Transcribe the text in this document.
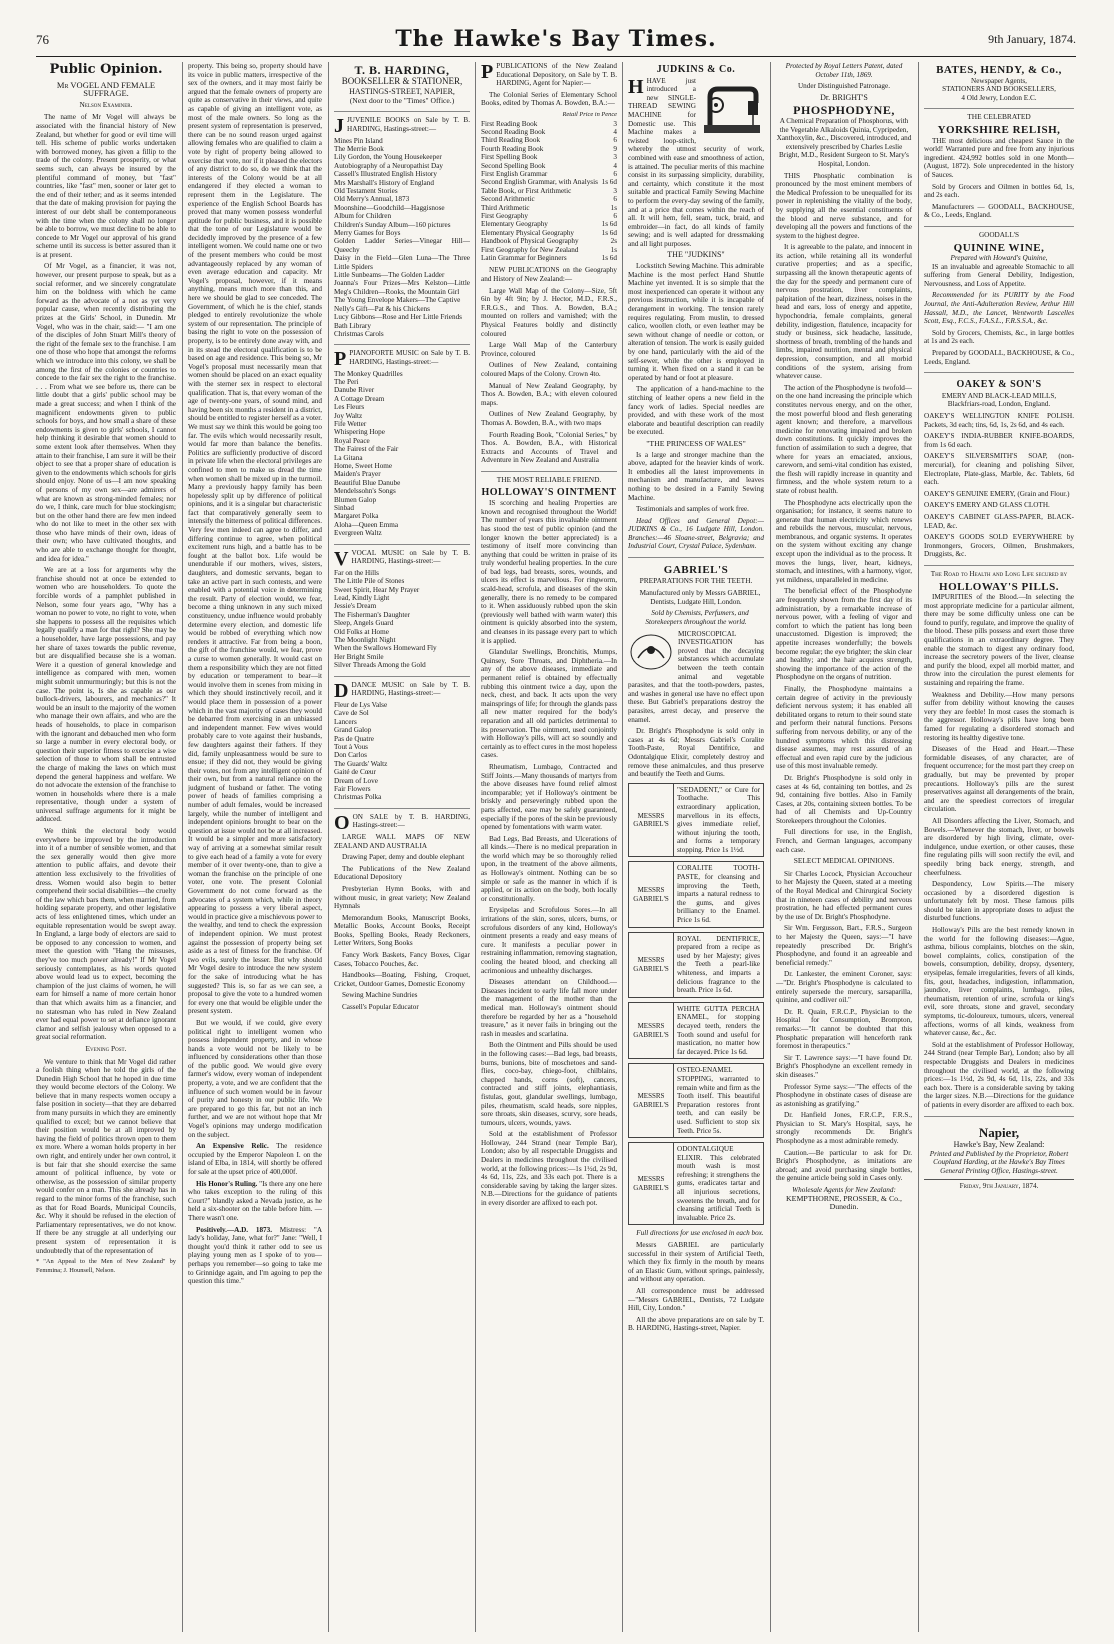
76	The Hawke's Bay Times.	9th January, 1874.
Public Opinion.
Mr VOGEL AND FEMALE SUFFRAGE.
Nelson Examiner.

The name of Mr Vogel will always be associated with the financial history of New Zealand, but whether for good or evil time will tell. His scheme of public works undertaken with borrowed money, has given a fillip to the trade of the colony. Present prosperity, or what seems such, can always be insured by the plentiful command of money, but "fast" countries, like "fast" men, sooner or later get to the end of their tether; and as it seems intended that the date of making provision for paying the interest of our debt shall be contemporaneous with the time when the colony shall no longer be able to borrow, we must decline to be able to concede to Mr Vogel our approval of his grand scheme until its success is better assured than it is at present.

Of Mr Vogel, as a financier, it was not, however, our present purpose to speak, but as a social reformer, and we sincerely congratulate him on the boldness with which he came forward as the advocate of a not as yet very popular cause, when recently distributing the prizes at the Girls' School, in Dunedin. Mr Vogel, who was in the chair, said:— "I am one of the disciples of John Stuart Mill's theory of the right of the female sex to the franchise. I am one of those who hope that amongst the reforms which we introduce into this colony, we shall be among the first of the colonies or countries to concede to the fair sex the right to the franchise. . . . From what we see before us, there can be little doubt that a girls' public school may be made a great success; and when I think of the magnificent endowments given to public schools for boys, and how small a share of these endowments is given to girls' schools, I cannot help thinking it desirable that women should to some extent look after themselves. When they attain to their franchise, I am sure it will be their object to see that a proper share of education is given to the endowments which schools for girls should enjoy. None of us—I am now speaking of persons of my own sex—are admirers of what are known as strong-minded females; nor do we, I think, care much for blue stockingism; but on the other hand there are few men indeed who do not like to meet in the other sex with those who have minds of their own, ideas of their own; who have cultivated thoughts, and who are able to exchange thought for thought, and idea for idea."

We are at a loss for arguments why the franchise should not at once be extended to women who are householders. To quote the forcible words of a pamphlet published in Nelson, some four years ago, "Why has a woman no power to vote, no right to vote, when she happens to possess all the requisites which legally qualify a man for that right? She may be a householder, have large possessions, and pay her share of taxes towards the public revenue, but are disqualified because she is a woman. Were it a question of general knowledge and intelligence as compared with men, women might submit unmurmuringly; but this is not the case. The point is, Is she as capable as our bullock-drivers, labourers, and mechanics?" It would be an insult to the majority of the women who manage their own affairs, and who are the heads of households, to place in comparison with the ignorant and debauched men who form so large a number in every electoral body, or question their superior fitness to exercise a wise selection of those to whom shall be entrusted the charge of making the laws on which must depend the general happiness and welfare. We do not advocate the extension of the franchise to women in households where there is a male representative, though under a system of universal suffrage arguments for it might be adduced.

We think the electoral body would everywhere be improved by the introduction into it of a number of sensible women, and that the sex generally would then give more attention to public affairs, and devote their attention less exclusively to the frivolities of dress. Women would also begin to better comprehend their social disabilities—the cruelty of the law which bars them, when married, from holding separate property, and other legislative acts of less enlightened times, which under an equitable representation would be swept away. In England, a large body of electors are said to be opposed to any concession to women, and meet the question with "Hang the missuses, they've too much power already!" If Mr Vogel seriously contemplates, as his words quoted above would lead us to expect, becoming the champion of the just claims of women, he will earn for himself a name of more certain honor than that which awaits him as a financier, and no statesman who has ruled in New Zealand ever had equal power to set at defiance ignorant clamor and selfish jealousy when opposed to a great social reformation.

Evening Post.

We venture to think that Mr Vogel did rather a foolish thing when he told the girls of the Dunedin High School that he hoped in due time they would become electors of the Colony. We believe that in many respects women occupy a false position in society—that they are debarred from many pursuits in which they are eminently qualified to excel; but we cannot believe that their position would be at all improved by having the field of politics thrown open to them ex more. Where a woman holds property in her own right, and entirely under her own control, it is but fair that she should exercise the same amount of political influence, by vote or otherwise, as the possession of similar property would confer on a man. This she already has in regard to the minor forms of the franchise, such as that for Road Boards, Municipal Councils, &c. Why it should be refused in the election of Parliamentary representatives, we do not know. If there be any struggle at all underlying our present system of representation it is undoubtedly that of the representation of

* "An Appeal to the Men of New Zealand" by Femmina; J. Hounsell, Nelson.

property. This being so, property should have its voice in public matters, irrespective of the sex of the owners, and it may most fairly be argued that the female owners of property are quite as conservative in their views, and quite as capable of giving an intelligent vote, as most of the male owners. So long as the present system of representation is preserved, there can be no sound reason urged against allowing females who are qualified to claim a vote by right of property being allowed to exercise that vote, nor if it pleased the electors of any district to do so, do we think that the interests of the Colony would be at all endangered if they elected a woman to represent them in the Legislature. The experience of the English School Boards has proved that many women possess wonderful aptitude for public business, and it is possible that the tone of our Legislature would be decidedly improved by the presence of a few intelligent women. We could name one or two of the present members who could be most advantageously replaced by any woman of even average education and capacity. Mr Vogel's proposal, however, if it means anything, means much more than this, and here we should be glad to see conceded. The Government, of which he is the chief, stands pledged to entirely revolutionize the whole system of our representation. The principle of basing the right to vote on the possession of property, is to be entirely done away with, and in its stead the electoral qualification is to be based on age and residence. This being so, Mr Vogel's proposal must necessarily mean that women should be placed on an exact equality with the sterner sex in respect to electoral qualification. That is, that every woman of the age of twenty-one years, of sound mind, and having been six months a resident in a district, should be entitled to register herself as a voter. We must say we think this would be going too far. The evils which would necessarily result, would far more than balance the benefits. Politics are sufficiently productive of discord in private life when the electoral privileges are confined to men to make us dread the time when women shall be mixed up in the turmoil. Many a previously happy family has been hopelessly split up by difference of political opinions, and it is a singular but characteristic fact that comparatively generally seem to intensify the bitterness of political differences. Very few men indeed can agree to differ, and differing continue to agree, when political excitement runs high, and a battle has to be fought at the ballot box. Life would be unendurable if our mothers, wives, sisters, daughters, and domestic servants, began to take an active part in such contests, and were enabled with a potential voice in determining the result. Party of election would, we fear, become a thing unknown in any such mixed constituency, undue influence would probably determine every election, and domestic life would be robbed of everything which now renders it attractive. Far from being a boon, the gift of the franchise would, we fear, prove a curse to women generally. It would cast on them a responsibility which they are not fitted by education or temperament to bear—it would involve them in scenes from mixing in which they should instinctively recoil, and it would place them in possession of a power which in the vast majority of cases they would be debarred from exercising in an unbiassed and independent manner. Few wives would probably care to vote against their husbands, few daughters against their fathers. If they did, family unpleasantness would be sure to ensue; if they did not, they would be giving their votes, not from any intelligent opinion of their own, but from a natural reliance on the judgment of husband or father. The voting power of heads of families comprising a number of adult females, would be increased largely, while the number of intelligent and independent opinions brought to bear on the question at issue would not be at all increased. It would be a simpler and more satisfactory way of arriving at a somewhat similar result to give each head of a family a vote for every member of it over twenty-one, than to give a woman the franchise on the principle of one voter, one vote. The present Colonial Government do not come forward as the advocates of a system which, while in theory appearing to possess a very liberal aspect, would in practice give a mischievous power to the wealthy, and tend to check the expression of independent opinion. We must protest against the possession of property being set aside as a test of fitness for the franchise. Of two evils, surely the lesser. But why should Mr Vogel desire to introduce the new system for the sake of introducing what he has suggested? This is, so far as we can see, a proposal to give the vote to a hundred women for every one that would be eligible under the present system.

But we would, if we could, give every political right to intelligent women who possess independent property, and in whose hands a vote would not be likely to be influenced by considerations other than those of the public good. We would give every farmer's widow, every woman of independent property, a vote, and we are confident that the influence of such women would be in favour of purity and honesty in our public life. We are prepared to go this far, but not an inch further, and we are not without hope that Mr Vogel's opinions may undergo modification on the subject.

An Expensive Relic. The residence occupied by the Emperor Napoleon I. on the island of Elba, in 1814, will shortly be offered for sale at the upset price of 400,000f.

His Honor's Ruling. "Is there any one here who takes exception to the ruling of this Court?" blandly asked a Nevada justice, as he held a six-shooter on the table before him. —There wasn't one.

Positively.—A.D. 1873. Mistress: "A lady's holiday, Jane, what for?" Jane: "Well, I thought you'd think it rather odd to see us playing young men as I spoke of to you—perhaps you remember—so going to take me to Grinnidge again, and I'm agoing to pep the question this time."

T. B. HARDING,
BOOKSELLER & STATIONER,
HASTINGS-STREET, NAPIER,
(Next door to the "Times" Office.)

JJUVENILE BOOKS on Sale by T. B. HARDING, Hastings-street:—

Mines Pin Island
The Merrie Book
Lily Gordon, the Young Housekeeper
Autobiography of a Neuropathist Day
Cassell's Illustrated English History
Mrs Marshall's History of England
Old Testament Stories
Old Merry's Annual, 1873
Moonshine—Goodchild—Haggisnose
Album for Children
Children's Sunday Album—160 pictures
Merry Games for Boys
Golden Ladder Series—Vinegar Hill—Queechy
Daisy in the Field—Glen Luna—The Three Little Spiders
Little Sunbeams—The Golden Ladder
Joanna's Four Prizes—Mrs Kelston—Little Meg's Children—Rooks, the Mountain Girl
The Young Envelope Makers—The Captive
Nelly's Gift—Pat & his Chickens
Lucy Gibbons—Rose and Her Little Friends
Bath Library
Christmas Carols

PPIANOFORTE MUSIC on Sale by T. B. HARDING, Hastings-street:—

The Monkey Quadrilles
The Peri
Danube River
A Cottage Dream
Les Fleurs
Joy Waltz
Fife Wetter
Whispering Hope
Royal Peace
The Fairest of the Fair
La Gitana
Home, Sweet Home
Maiden's Prayer
Beautiful Blue Danube
Mendelssohn's Songs
Blumen Galop
Sinbad
Margaret Polka
Aloha—Queen Emma
Evergreen Waltz

VVOCAL MUSIC on Sale by T. B. HARDING, Hastings-street:—

Far on the Hills
The Little Pile of Stones
Sweet Spirit, Hear My Prayer
Lead, Kindly Light
Jessie's Dream
The Fisherman's Daughter
Sleep, Angels Guard
Old Folks at Home
The Moonlight Night
When the Swallows Homeward Fly
Her Bright Smile
Silver Threads Among the Gold

DDANCE MUSIC on Sale by T. B. HARDING, Hastings-street:—

Fleur de Lys Valse
Cave de Sol
Lancers
Grand Galop
Pas de Quatre
Tout à Vous
Don Carlos
The Guards' Waltz
Gaité de Cœur
Dream of Love
Fair Flowers
Christmas Polka

OON SALE by T. B. HARDING, Hastings-street:—

LARGE WALL MAPS OF NEW ZEALAND AND AUSTRALIA

Drawing Paper, demy and double elephant

The Publications of the New Zealand Educational Depository

Presbyterian Hymn Books, with and without music, in great variety; New Zealand Hymnals

Memorandum Books, Manuscript Books, Metallic Books, Account Books, Receipt Books, Spelling Books, Ready Reckoners, Letter Writers, Song Books

Fancy Work Baskets, Fancy Boxes, Cigar Cases, Tobacco Pouches, &c.

Handbooks—Boating, Fishing, Croquet, Cricket, Outdoor Games, Domestic Economy

Sewing Machine Sundries

Cassell's Popular Educator

PPUBLICATIONS of the New Zealand Educational Depository, on Sale by T. B. HARDING, Agent for Napier:—

The Colonial Series of Elementary School Books, edited by Thomas A. Bowden, B.A.:—

Retail Price in Pence
First Reading Book	3
Second Reading Book	4
Third Reading Book	6
Fourth Reading Book	9
First Spelling Book	3
Second Spelling Book	4
First English Grammar	6
Second English Grammar, with Analysis 1s 6d
Table Book, or First Arithmetic	3
Second Arithmetic	6
Third Arithmetic	1s
First Geography	6
Elementary Geography	1s 6d
Elementary Physical Geography	1s 6d
Handbook of Physical Geography	2s
First Geography for New Zealand	1s
Latin Grammar for Beginners	1s 6d

NEW PUBLICATIONS on the Geography and History of New Zealand:—

Large Wall Map of the Colony—Size, 5ft 6in by 4ft 9in; by J. Hector, M.D., F.R.S., F.R.G.S., and Thos. A. Bowden, B.A.; mounted on rollers and varnished; with the Physical Features boldly and distinctly coloured

Large Wall Map of the Canterbury Province, coloured

Outlines of New Zealand, containing coloured Maps of the Colony. Crown 4to.

Manual of New Zealand Geography, by Thos A. Bowden, B.A.; with eleven coloured maps.

Outlines of New Zealand Geography, by Thomas A. Bowden, B.A., with two maps

Fourth Reading Book, "Colonial Series," by Thos. A. Bowden, B.A., with Historical Extracts and Accounts of Travel and Adventure in New Zealand and Australia

THE MOST RELIABLE FRIEND.
HOLLOWAY'S OINTMENT

IS scorching and healing Properties are known and recognised throughout the World! The number of years this invaluable ointment has stood the test of public opinion (and the longer known the better appreciated) is a testimony of itself more convincing than anything that could be written in praise of its truly wonderful healing properties. In the cure of bad legs, bad breasts, sores, wounds, and ulcers its effect is marvellous. For ringworm, scald-head, scrofula, and diseases of the skin generally, there is no remedy to be compared to it. When assiduously rubbed upon the skin (previously well bathed with warm water) this ointment is quickly absorbed into the system, and cleanses in its passage every part to which it is applied.

Glandular Swellings, Bronchitis, Mumps, Quinsey, Sore Throats, and Diphtheria.—In any of the above diseases, immediate and permanent relief is obtained by effectually rubbing this ointment twice a day, upon the neck, chest, and back. It acts upon the very mainsprings of life; for through the glands pass all new matter required for the body's reparation and all old particles detrimental to its preservation. The ointment, used conjointly with Holloway's pills, will act so soundly and certainly as to effect cures in the most hopeless cases.

Rheumatism, Lumbago, Contracted and Stiff Joints.—Many thousands of martyrs from the above diseases have found relief almost incomparable; yet if Holloway's ointment be briskly and perseveringly rubbed upon the parts affected, ease may be safely guaranteed, especially if the pores of the skin be previously opened by fomentations with warm water.

Bad Legs, Bad Breasts, and Ulcerations of all kinds.—There is no medical preparation in the world which may be so thoroughly relied upon, in the treatment of the above ailments, as Holloway's ointment. Nothing can be so simple or safe as the manner in which if is applied, or its action on the body, both locally or constitutionally.

Erysipelas and Scrofulous Sores.—In all irritations of the skin, sores, ulcers, burns, or scrofulous disorders of any kind, Holloway's ointment presents a ready and easy means of cure. It manifests a peculiar power in restraining inflammation, removing stagnation, cooling the heated blood, and checking all acrimonious and unhealthy discharges.

Diseases attendant on Childhood.—Diseases incident to early life fall more under the management of the mother than the medical man. Holloway's ointment should therefore be regarded by her as a "household treasure," as it never fails in bringing out the rash in measles and scarlatina.

Both the Ointment and Pills should be used in the following cases:—Bad legs, bad breasts, burns, bunions, bite of moschetoes and sand-flies, coco-bay, chiego-foot, chilblains, chapped hands, corns (soft), cancers, contracted and stiff joints, elephantiasis, fistulas, gout, glandular swellings, lumbago, piles, rheumatism, scald heads, sore nipples, sore throats, skin diseases, scurvy, sore heads, tumours, ulcers, wounds, yaws.

Sold at the establishment of Professor Holloway, 244 Strand (near Temple Bar), London; also by all respectable Druggists and Dealers in medicines throughout the civilised world, at the following prices:—1s 1½d, 2s 9d, 4s 6d, 11s, 22s, and 33s each pot. There is a considerable saving by taking the larger sizes. N.B.—Directions for the guidance of patients in every disorder are affixed to each pot.

JUDKINS & Co.

HHAVE just introduced a new SINGLE-THREAD SEWING MACHINE for Domestic use. This Machine makes a twisted loop-stitch, whereby the utmost security of work, combined with ease and smoothness of action, is attained. The peculiar merits of this machine consist in its surpassing simplicity, durability, and certainty, which constitute it the most suitable and practical Family Sewing Machine to perform the every-day sewing of the family, and at a price that comes within the reach of all. It will hem, fell, seam, tuck, braid, and embroider—in fact, do all kinds of family sewing; and is well adapted for dressmaking and all light purposes.

THE "JUDKINS"

Lockstitch Sewing Machine. This admirable Machine is the most perfect Hand Shuttle Machine yet invented. It is so simple that the most inexperienced can operate it without any previous instruction, while it is incapable of derangement in working. The tension rarely requires regulating. From muslin, to dressed calico, woollen cloth, or even leather may be sewn without change of needle or cotton, or alteration of tension. The work is easily guided by one hand, particularly with the aid of the self-sewer, while the other is employed in turning it. When fixed on a stand it can be operated by hand or foot at pleasure.

The application of a hand-machine to the stitching of leather opens a new field in the fancy work of ladies. Special needles are provided, and with these work of the most elaborate and beautiful description can readily be executed.

"THE PRINCESS OF WALES"

Is a large and stronger machine than the above, adapted for the heavier kinds of work. It embodies all the latest improvements in mechanism and manufacture, and leaves nothing to be desired in a Family Sewing Machine.

Testimonials and samples of work free.

Head Offices and General Depot:— JUDKINS & Co., 16 Ludgate Hill, London. Branches:—46 Sloane-street, Belgravia; and Industrial Court, Crystal Palace, Sydenham.

GABRIEL'S
PREPARATIONS FOR THE TEETH.

Manufactured only by Messrs GABRIEL, Dentists, Ludgate Hill, London.

Sold by Chemists, Perfumers, and Storekeepers throughout the world.

MICROSCOPICAL INVESTIGATION has proved that the decaying substances which accumulate between the teeth contain animal and vegetable parasites, and that the tooth-powders, pastes, and washes in general use have no effect upon these. But Gabriel's preparations destroy the parasites, arrest decay, and preserve the enamel.

Dr. Bright's Phosphodyne is sold only in cases at 4s 6d; Messrs Gabriel's Coralite Tooth-Paste, Royal Dentifrice, and Odontalgique Elixir, completely destroy and remove these animalcules, and thus preserve and beautify the Teeth and Gums.

MESSRS GABRIEL'S
"SEDADENT," or Cure for Toothache. This extraordinary application, marvellous in its effects, gives immediate relief, without injuring the tooth, and forms a temporary stopping. Price 1s 1½d.
MESSRS GABRIEL'S
CORALITE TOOTH-PASTE, for cleansing and improving the Teeth, imparts a natural redness to the gums, and gives brilliancy to the Enamel. Price 1s 6d.
MESSRS GABRIEL'S
ROYAL DENTIFRICE, prepared from a recipe as used by her Majesty; gives the Teeth a pearl-like whiteness, and imparts a delicious fragrance to the breath. Price 1s 6d.
MESSRS GABRIEL'S
WHITE GUTTA PERCHA ENAMEL, for stopping decayed teeth, renders the Tooth sound and useful for mastication, no matter how far decayed. Price 1s 6d.
MESSRS GABRIEL'S
OSTEO-ENAMEL STOPPING, warranted to remain white and firm as the Tooth itself. This beautiful Preparation restores front teeth, and can easily be used. Sufficient to stop six Teeth. Price 5s.
MESSRS GABRIEL'S
ODONTALGIQUE ELIXIR. This celebrated mouth wash is most refreshing; it strengthens the gums, eradicates tartar and all injurious secretions, sweetens the breath, and for cleansing artificial Teeth is invaluable. Price 2s.

Full directions for use enclosed in each box.

Messrs GABRIEL are particularly successful in their system of Artificial Teeth, which they fix firmly in the mouth by means of an Elastic Gum, without springs, painlessly, and without any operation.

All correspondence must be addressed—"Messrs GABRIEL, Dentists, 72 Ludgate Hill, City, London."

All the above preparations are on sale by T. B. HARDING, Hastings-street, Napier.

Protected by Royal Letters Patent, dated October 11th, 1869.

Under Distinguished Patronage.
Dr. BRIGHT'S
PHOSPHODYNE,

A Chemical Preparation of Phosphorus, with the Vegetable Alkaloids Quinia, Cypripeden, Xanthoxylin, &c., Discovered, introduced, and extensively prescribed by Charles Leslie Bright, M.D., Resident Surgeon to St. Mary's Hospital, London.

THIS Phosphatic combination is pronounced by the most eminent members of the Medical Profession to be unequalled for its power in replenishing the vitality of the body, by supplying all the essential constituents of the blood and nerve substance, and for developing all the powers and functions of the system to the highest degree.

It is agreeable to the palate, and innocent in its action, while retaining all its wonderful curative properties; and as a specific, surpassing all the known therapeutic agents of the day for the speedy and permanent cure of nervous prostration, liver complaints, palpitation of the heart, dizziness, noises in the head and ears, loss of energy and appetite, hypochondria, female complaints, general debility, indigestion, flatulence, incapacity for study or business, sick headache, lassitude, shortness of breath, trembling of the hands and limbs, impaired nutrition, mental and physical depression, consumption, and all morbid conditions of the system, arising from whatever cause.

The action of the Phosphodyne is twofold—on the one hand increasing the principle which constitutes nervous energy, and on the other, the most powerful blood and flesh generating agent known; and therefore, a marvellous medicine for renovating impaired and broken down constitutions. It quickly improves the function of assimilation to such a degree, that where for years an emaciated, anxious, careworn, and semi-vital condition has existed, the flesh will rapidly increase in quantity and firmness, and the whole system return to a state of robust health.

The Phosphodyne acts electrically upon the organisation; for instance, it seems nature to generate that human electricity which renews and rebuilds the nervous, muscular, nervous, membranous, and organic systems. It operates on the system without exciting any change except upon the individual as to the process. It moves the lungs, liver, heart, kidneys, stomach, and intestines, with a harmony, vigor, yet mildness, unparalleled in medicine.

The beneficial effect of the Phosphodyne are frequently shown from the first day of its administration, by a remarkable increase of nervous power, with a feeling of vigor and comfort to which the patient has long been unaccustomed. Digestion is improved; the appetite increases wonderfully; the bowels become regular; the eye brighter; the skin clear and healthy; and the hair acquires strength, showing the importance of the action of the Phosphodyne on the organs of nutrition.

Finally, the Phosphodyne maintains a certain degree of activity in the previously deficient nervous system; it has enabled all debilitated organs to return to their sound state and perform their natural functions. Persons suffering from nervous debility, or any of the hundred symptoms which this distressing disease assumes, may rest assured of an effectual and even rapid cure by the judicious use of this most invaluable remedy.

Dr. Bright's Phosphodyne is sold only in cases at 4s 6d, containing ten bottles, and 2s 9d, containing five bottles. Also in Family Cases, at 20s, containing sixteen bottles. To be had of all Chemists and Up-Country Storekeepers throughout the Colonies.

Full directions for use, in the English, French, and German languages, accompany each case.

SELECT MEDICAL OPINIONS.

Sir Charles Locock, Physician Accoucheur to her Majesty the Queen, stated at a meeting of the Royal Medical and Chirurgical Society that in nineteen cases of debility and nervous prostration, he had effected permanent cures by the use of Dr. Bright's Phosphodyne.

Sir Wm. Fergusson, Bart., F.R.S., Surgeon to her Majesty the Queen, says:—"I have repeatedly prescribed Dr. Bright's Phosphodyne, and found it an agreeable and beneficial remedy."

Dr. Lankester, the eminent Coroner, says:—"Dr. Bright's Phosphodyne is calculated to entirely supersede the mercury, sarsaparilla, quinine, and codliver oil."

Dr. R. Quain, F.R.C.P., Physician to the Hospital for Consumption, Brompton, remarks:—"It cannot be doubted that this Phosphatic preparation will henceforth rank foremost in therapeutics."

Sir T. Lawrence says:—"I have found Dr. Bright's Phosphodyne an excellent remedy in skin diseases."

Professor Syme says:—"The effects of the Phosphodyne in obstinate cases of disease are as astonishing as gratifying."

Dr. Hanfield Jones, F.R.C.P., F.R.S., Physician to St. Mary's Hospital, says, he strongly recommends Dr. Bright's Phosphodyne as a most admirable remedy.

Caution.—Be particular to ask for Dr. Bright's Phosphodyne, as imitations are abroad; and avoid purchasing single bottles, the genuine article being sold in Cases only.

Wholesale Agents for New Zealand:
KEMPTHORNE, PROSSER, & Co., Dunedin.
BATES, HENDY, & Co.,
Newspaper Agents,
STATIONERS AND BOOKSELLERS,
4 Old Jewry, London E.C.
THE CELEBRATED
YORKSHIRE RELISH,

THE most delicious and cheapest Sauce in the world! Warranted pure and free from any injurious ingredient. 424,992 bottles sold in one Month—(August, 1872). Sole unprecedented in the history of Sauces.

Sold by Grocers and Oilmen in bottles 6d, 1s, and 2s each.

Manufacturers — GOODALL, BACKHOUSE, & Co., Leeds, England.

GOODALL'S
QUININE WINE,
Prepared with Howard's Quinine,

IS an invaluable and agreeable Stomachic to all suffering from General Debility, Indigestion, Nervousness, and Loss of Appetite.

Recommended for its PURITY by the Food Journal, the Anti-Adulteration Review, Arthur Hill Hassall, M.D., the Lancet, Wentworth Lascelles Scott, Esq., F.C.S., F.A.S.L., F.R.S.S.A., &c.

Sold by Grocers, Chemists, &c., in large bottles at 1s and 2s each.

Prepared by GOODALL, BACKHOUSE, & Co., Leeds, England.

OAKEY & SON'S
EMERY AND BLACK-LEAD MILLS,
Blackfriars-road, London, England.

OAKEY'S WELLINGTON KNIFE POLISH. Packets, 3d each; tins, 6d, 1s, 2s 6d, and 4s each.

OAKEY'S INDIA-RUBBER KNIFE-BOARDS, from 1s 6d each.

OAKEY'S SILVERSMITH'S SOAP, (non-mercurial), for cleaning and polishing Silver, Electroplate, Plate-glass, Marble, &c. Tablets, 6d each.

OAKEY'S GENUINE EMERY, (Grain and Flour.)

OAKEY'S EMERY AND GLASS CLOTH.

OAKEY'S CABINET GLASS-PAPER, BLACK-LEAD, &c.

OAKEY'S GOODS SOLD EVERYWHERE by Ironmongers, Grocers, Oilmen, Brushmakers, Druggists, &c.

The Road to Health and Long Life secured by
HOLLOWAY'S PILLS.

IMPURITIES of the Blood.—In selecting the most appropriate medicine for a particular ailment, there may be some difficulty unless one can be found to purify, regulate, and improve the quality of the blood. These pills possess and exert those three qualifications in an extraordinary degree. They enable the stomach to digest any ordinary food, increase the secretory powers of the liver, cleanse and purify the blood, expel all morbid matter, and throw into the circulation the purest elements for sustaining and repairing the frame.

Weakness and Debility.—How many persons suffer from debility without knowing the causes very they are feeble! In most cases the stomach is the aggressor. Holloway's pills have long been famed for regulating a disordered stomach and restoring its healthy digestive tone.

Diseases of the Head and Heart.—These formidable diseases, of any character, are of frequent occurrence; for the most part they creep on gradually, but may be prevented by proper precautions. Holloway's pills are the surest preservatives against all derangements of the brain, and are the speediest correctors of irregular circulation.

All Disorders affecting the Liver, Stomach, and Bowels.—Whenever the stomach, liver, or bowels are disordered by high living, climate, over-indulgence, undue exertion, or other causes, these fine regulating pills will soon rectify the evil, and speedily bring back energy, strength, and cheerfulness.

Despondency, Low Spirits.—The misery occasioned by a disordered digestion is unfortunately felt by most. These famous pills should be taken in appropriate doses to adjust the disturbed functions.

Holloway's Pills are the best remedy known in the world for the following diseases:—Ague, asthma, bilious complaints, blotches on the skin, bowel complaints, colics, constipation of the bowels, consumption, debility, dropsy, dysentery, erysipelas, female irregularities, fevers of all kinds, fits, gout, headaches, indigestion, inflammation, jaundice, liver complaints, lumbago, piles, rheumatism, retention of urine, scrofula or king's evil, sore throats, stone and gravel, secondary symptoms, tic-doloureux, tumours, ulcers, venereal affections, worms of all kinds, weakness from whatever cause, &c., &c.

Sold at the establishment of Professor Holloway, 244 Strand (near Temple Bar), London; also by all respectable Druggists and Dealers in medicines throughout the civilised world, at the following prices:—1s 1½d, 2s 9d, 4s 6d, 11s, 22s, and 33s each box. There is a considerable saving by taking the larger sizes. N.B.—Directions for the guidance of patients in every disorder are affixed to each box.

Napier,
Hawke's Bay, New Zealand:

Printed and Published by the Proprietor, Robert Coupland Harding, at the Hawke's Bay Times General Printing Office, Hastings-street.

Friday, 9th January, 1874.
